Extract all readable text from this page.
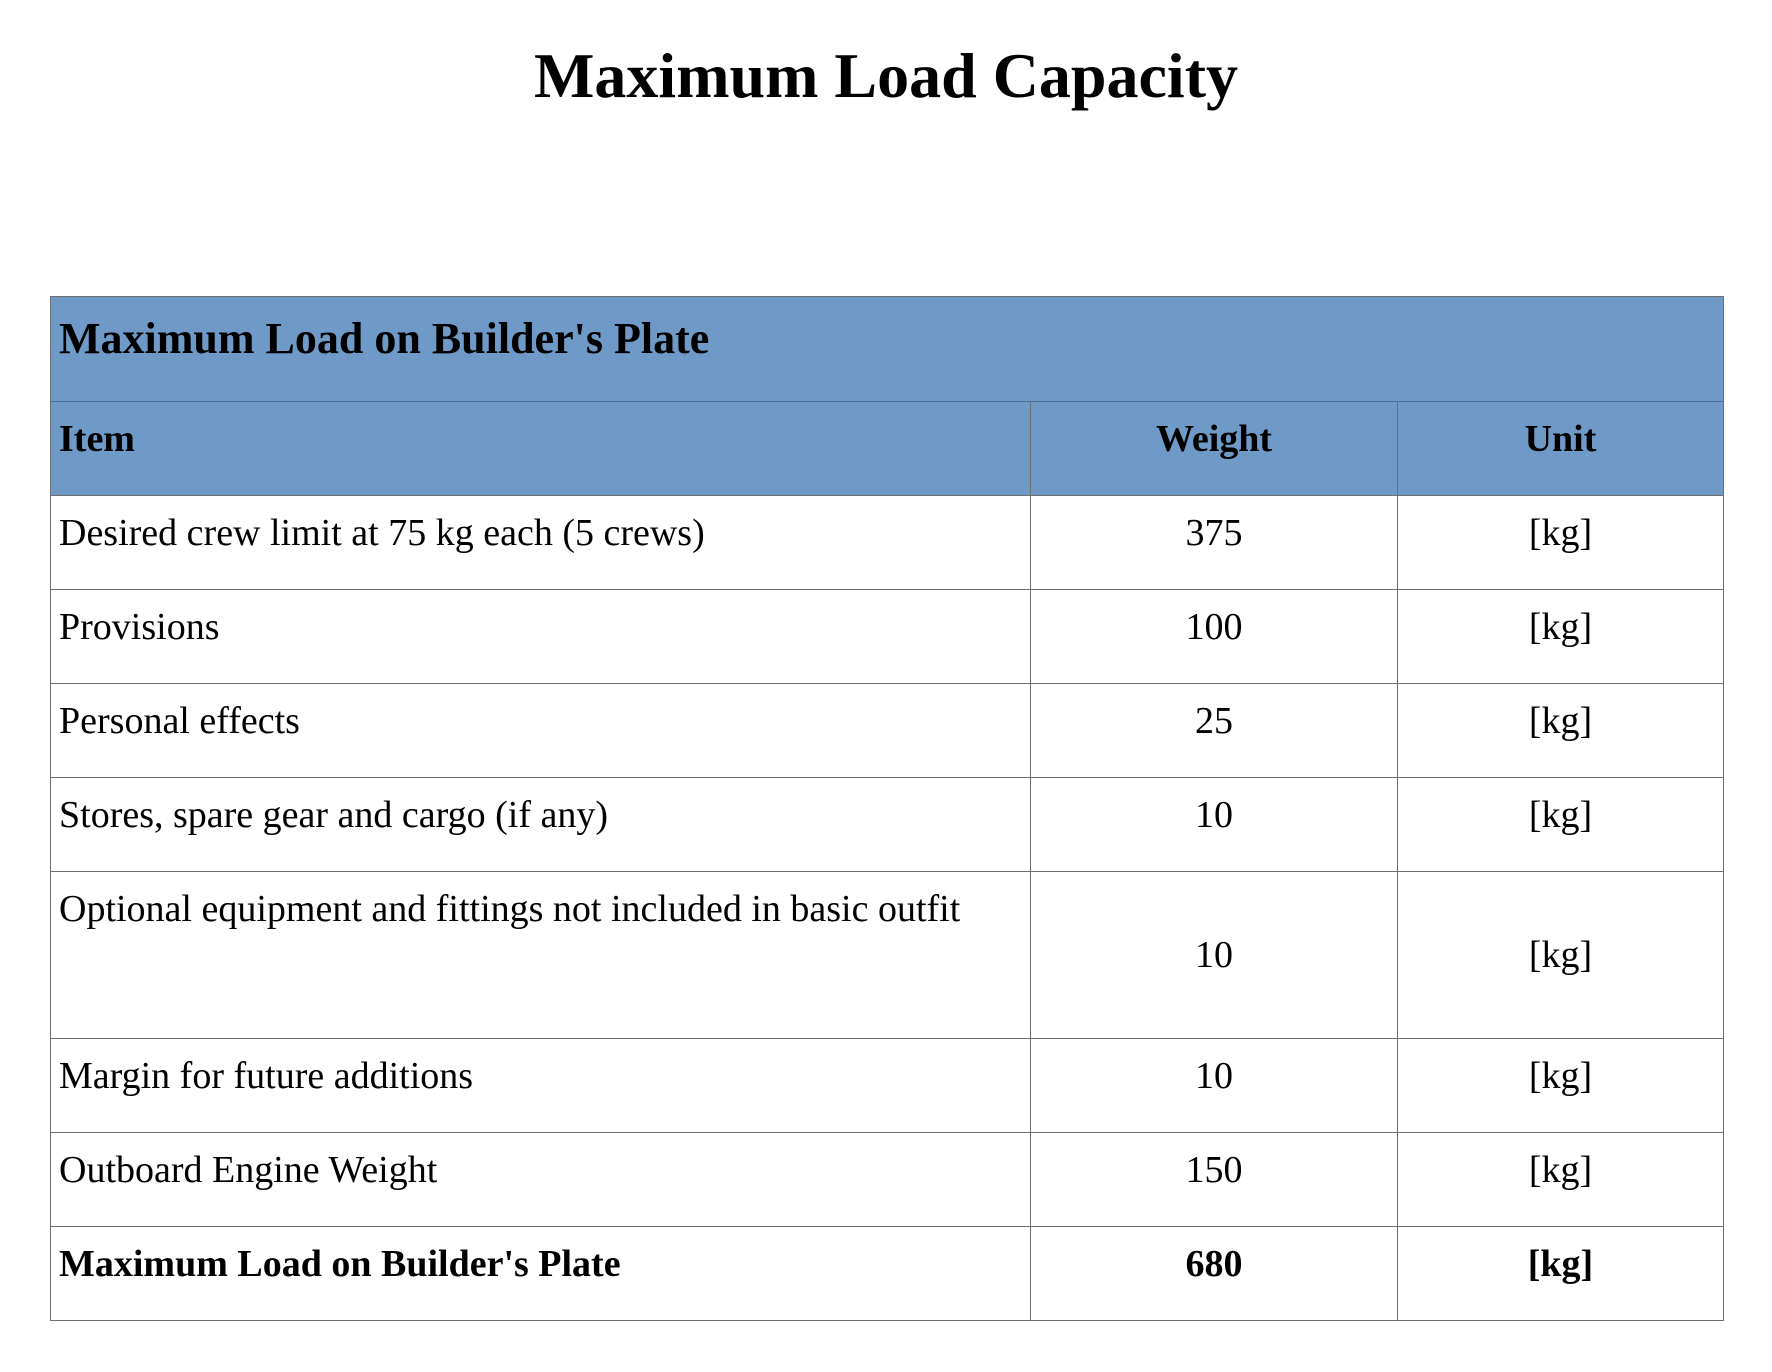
Maximum Load Capacity
Maximum Load on Builder's Plate		
Item	Weight	Unit
Desired crew limit at 75 kg each (5 crews)	375	[kg]
Provisions	100	[kg]
Personal effects	25	[kg]
Stores, spare gear and cargo (if any)	10	[kg]
Optional equipment and fittings not included in basic outfit	10	[kg]
Margin for future additions	10	[kg]
Outboard Engine Weight	150	[kg]
Maximum Load on Builder's Plate	680	[kg]
